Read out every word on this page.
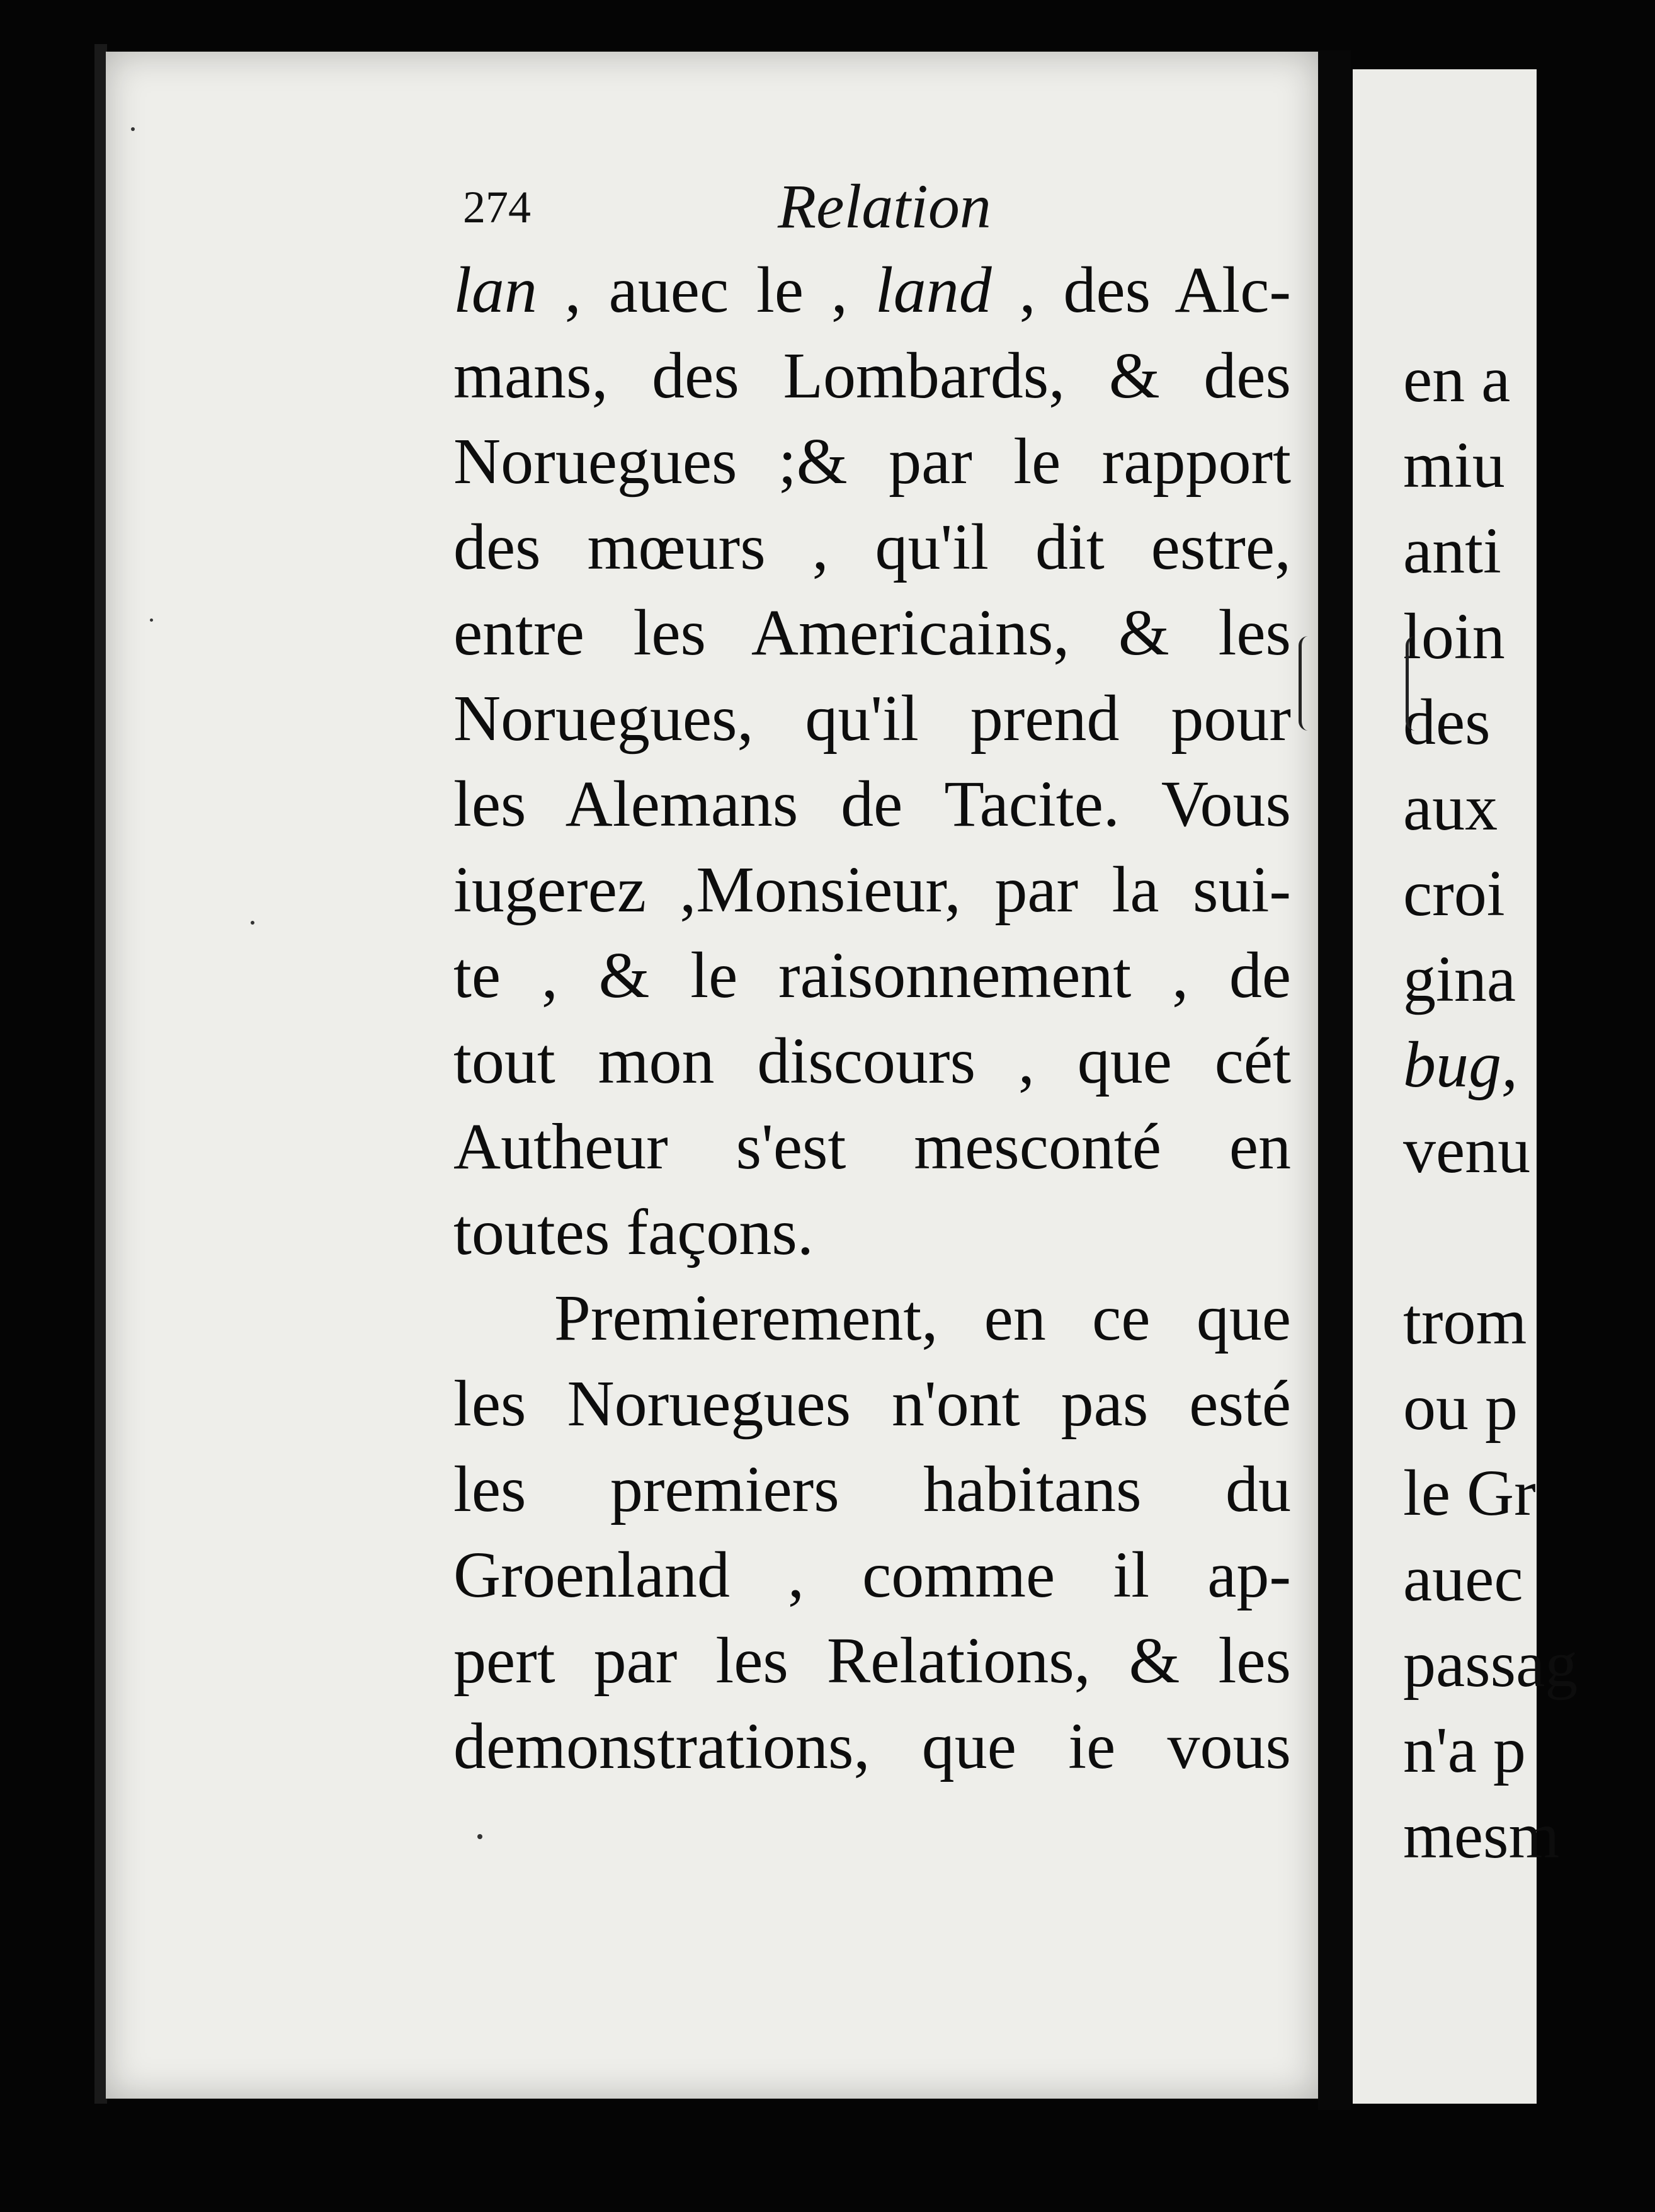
en a
miu
anti
loin
des
aux
croi
gina
bug,
venu
trom
ou p
le Gr
auec
passag
n'a p
mesm
274	Relation
lan , auec le , land , des Alc-
mans, des Lombards, & des
Noruegues ;& par le rapport
des mœurs , qu'il dit estre,
entre les Americains, & les
Noruegues, qu'il prend pour
les Alemans de Tacite. Vous
iugerez ,Monsieur, par la sui-
te , & le raisonnement , de
tout mon discours , que cét
Autheur s'est mesconté en
toutes façons.
Premierement, en ce que
les Noruegues n'ont pas esté
les premiers habitans du
Groenland , comme il ap-
pert par les Relations, & les
demonstrations, que ie vous
